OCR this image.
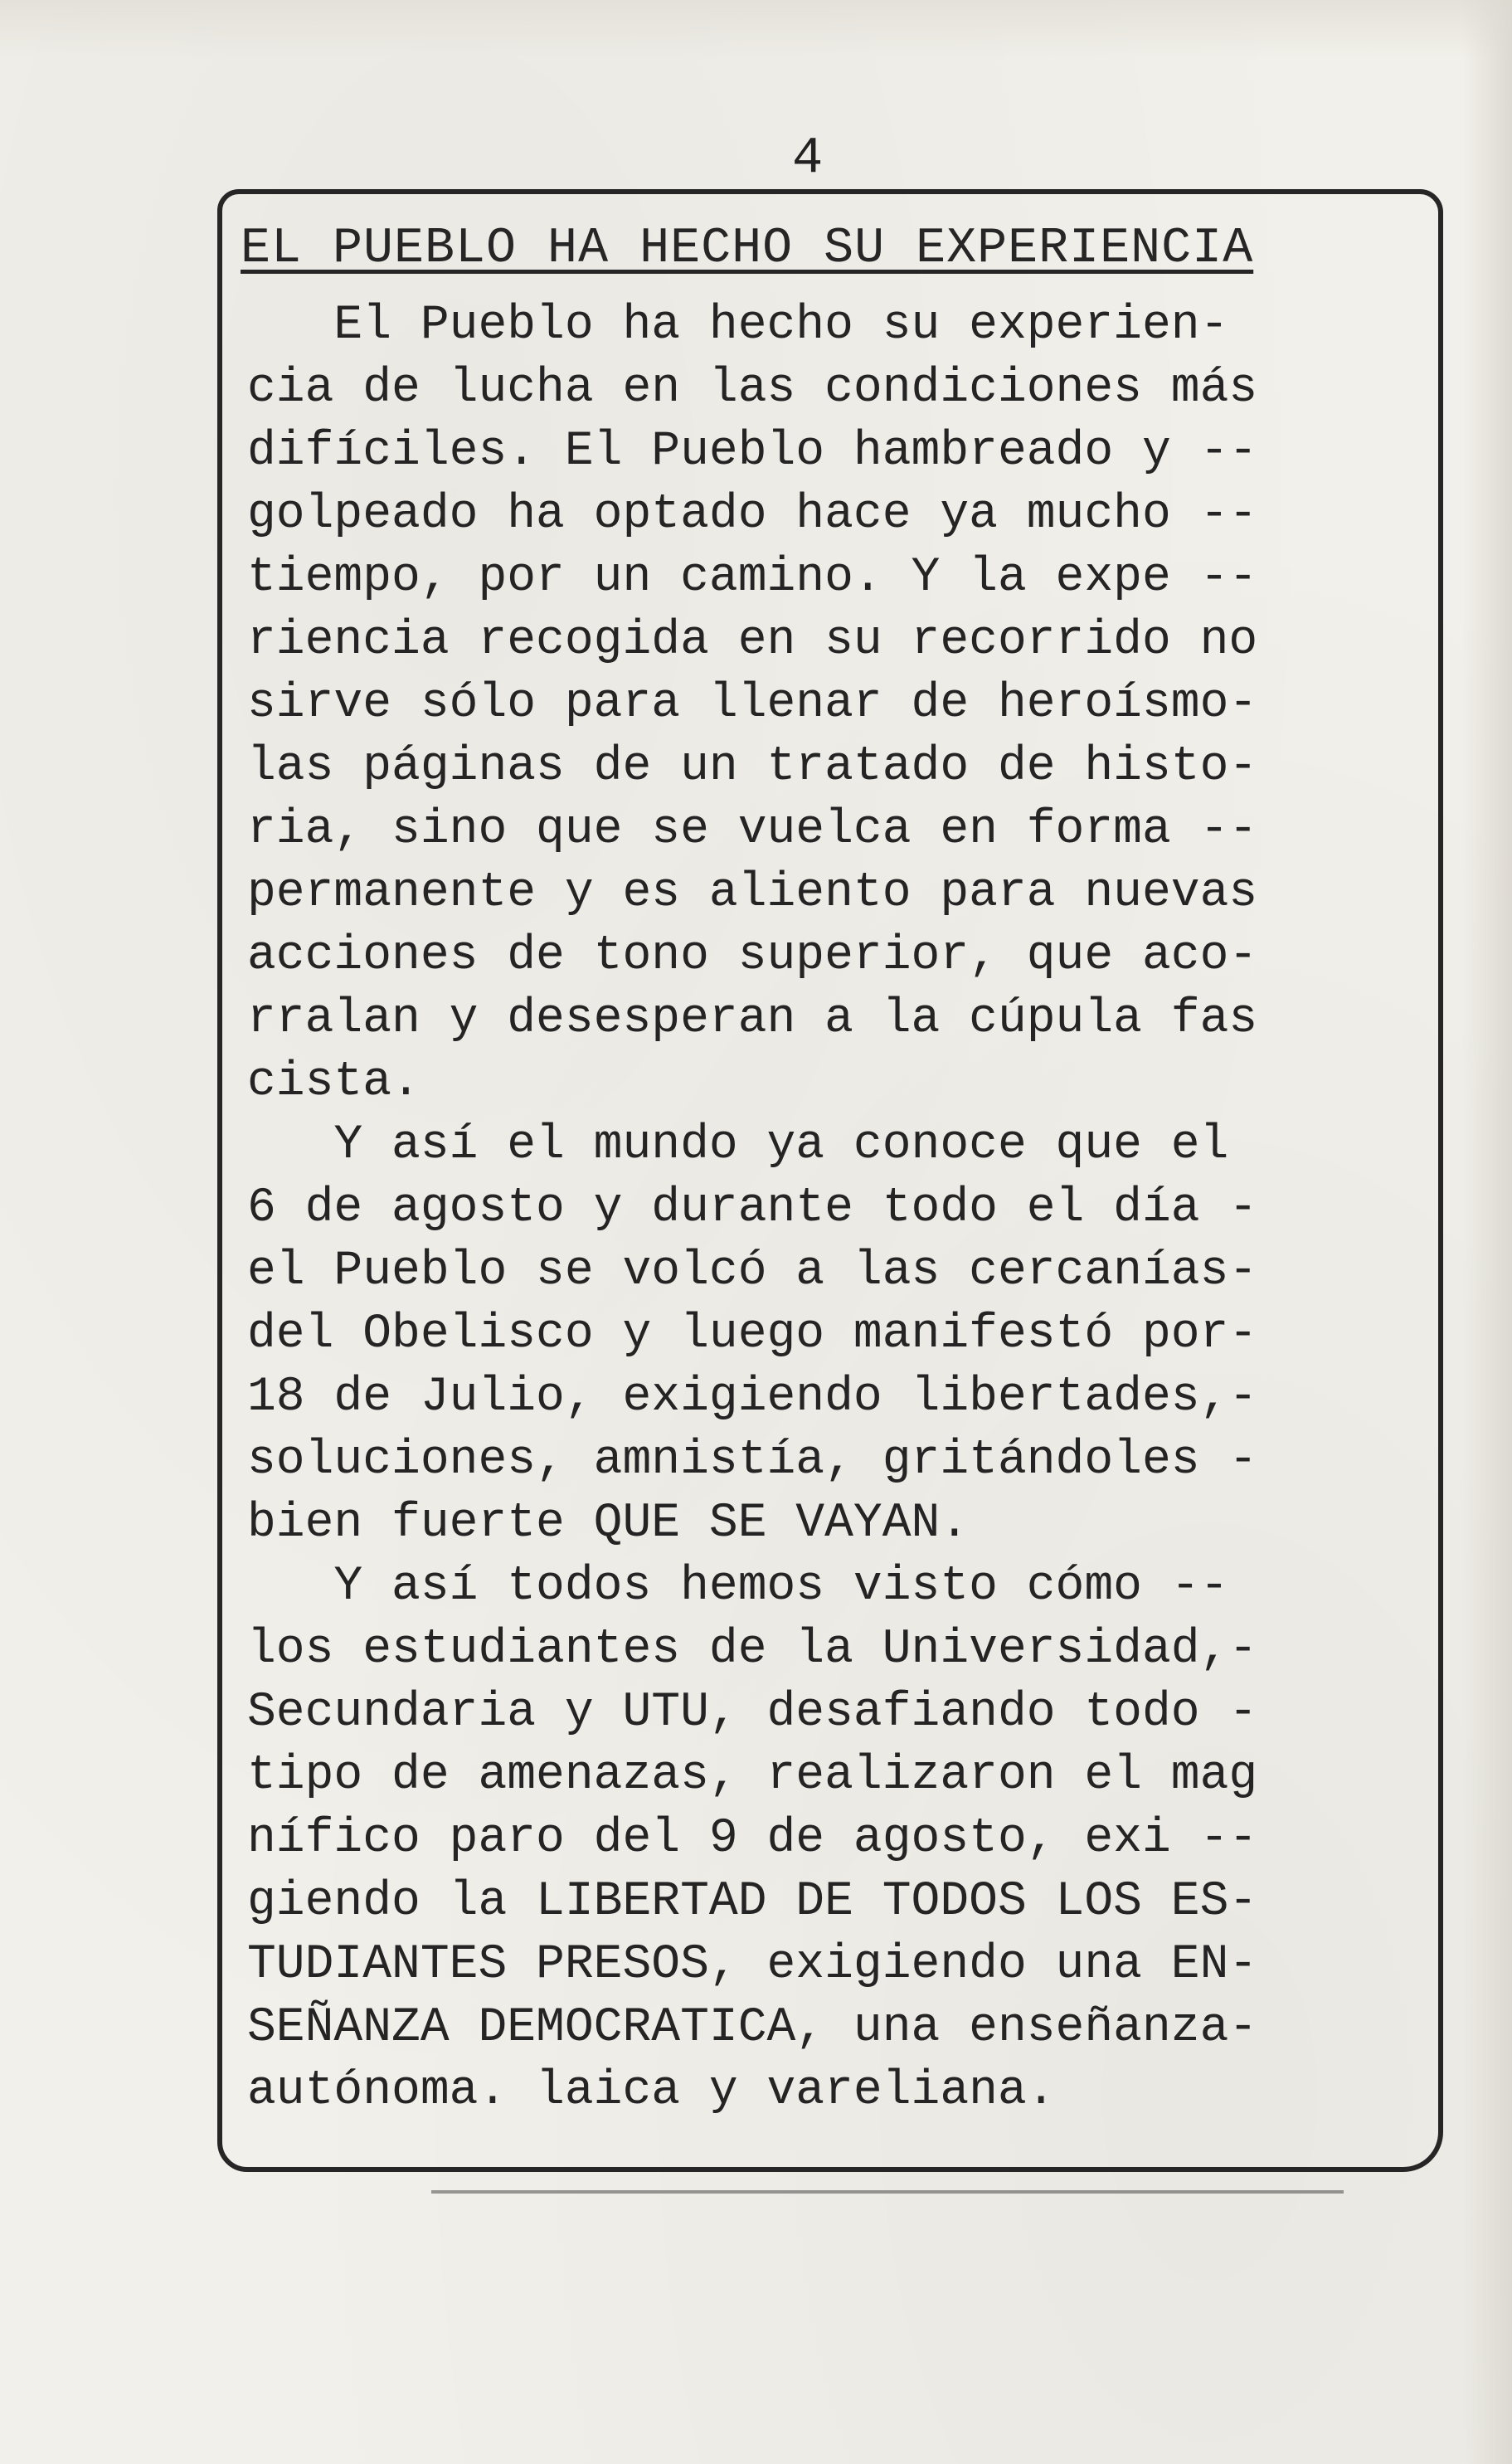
4
EL PUEBLO HA HECHO SU EXPERIENCIA
El Pueblo ha hecho su experien-
cia de lucha en las condiciones más
difíciles. El Pueblo hambreado y --
golpeado ha optado hace ya mucho --
tiempo, por un camino. Y la expe --
riencia recogida en su recorrido no
sirve sólo para llenar de heroísmo-
las páginas de un tratado de histo-
ria, sino que se vuelca en forma --
permanente y es aliento para nuevas
acciones de tono superior, que aco-
rralan y desesperan a la cúpula fas
cista.
Y así el mundo ya conoce que el
6 de agosto y durante todo el día -
el Pueblo se volcó a las cercanías-
del Obelisco y luego manifestó por-
18 de Julio, exigiendo libertades,-
soluciones, amnistía, gritándoles -
bien fuerte QUE SE VAYAN.
Y así todos hemos visto cómo --
los estudiantes de la Universidad,-
Secundaria y UTU, desafiando todo -
tipo de amenazas, realizaron el mag
nífico paro del 9 de agosto, exi --
giendo la LIBERTAD DE TODOS LOS ES-
TUDIANTES PRESOS, exigiendo una EN-
SEÑANZA DEMOCRATICA, una enseñanza-
autónoma. laica y vareliana.
